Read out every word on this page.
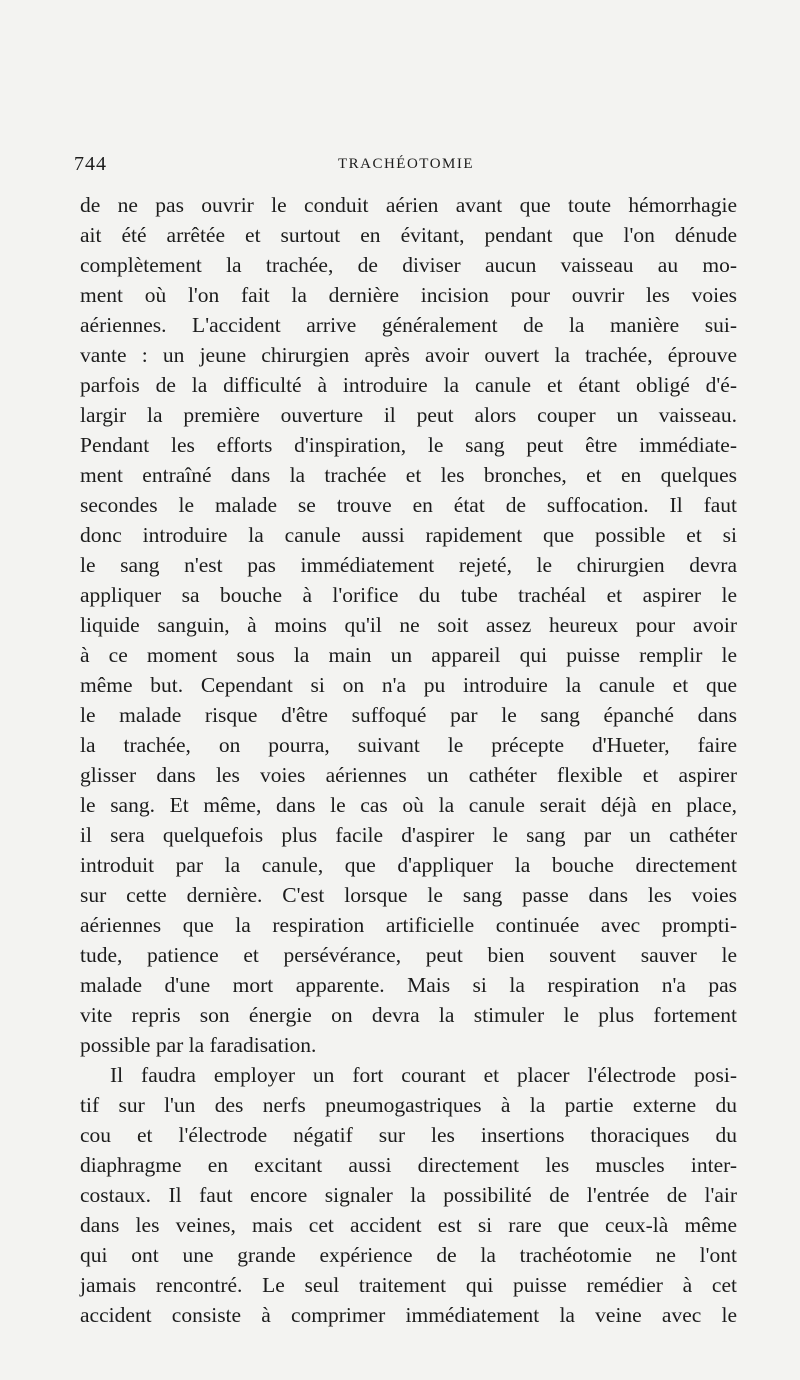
744	TRACHÉOTOMIE
de ne pas ouvrir le conduit aérien avant que toute hémorrhagie
ait été arrêtée et surtout en évitant, pendant que l'on dénude
complètement la trachée, de diviser aucun vaisseau au mo-
ment où l'on fait la dernière incision pour ouvrir les voies
aériennes. L'accident arrive généralement de la manière sui-
vante : un jeune chirurgien après avoir ouvert la trachée, éprouve
parfois de la difficulté à introduire la canule et étant obligé d'é-
largir la première ouverture il peut alors couper un vaisseau.
Pendant les efforts d'inspiration, le sang peut être immédiate-
ment entraîné dans la trachée et les bronches, et en quelques
secondes le malade se trouve en état de suffocation. Il faut
donc introduire la canule aussi rapidement que possible et si
le sang n'est pas immédiatement rejeté, le chirurgien devra
appliquer sa bouche à l'orifice du tube trachéal et aspirer le
liquide sanguin, à moins qu'il ne soit assez heureux pour avoir
à ce moment sous la main un appareil qui puisse remplir le
même but. Cependant si on n'a pu introduire la canule et que
le malade risque d'être suffoqué par le sang épanché dans
la trachée, on pourra, suivant le précepte d'Hueter, faire
glisser dans les voies aériennes un cathéter flexible et aspirer
le sang. Et même, dans le cas où la canule serait déjà en place,
il sera quelquefois plus facile d'aspirer le sang par un cathéter
introduit par la canule, que d'appliquer la bouche directement
sur cette dernière. C'est lorsque le sang passe dans les voies
aériennes que la respiration artificielle continuée avec prompti-
tude, patience et persévérance, peut bien souvent sauver le
malade d'une mort apparente. Mais si la respiration n'a pas
vite repris son énergie on devra la stimuler le plus fortement
possible par la faradisation.
Il faudra employer un fort courant et placer l'électrode posi-
tif sur l'un des nerfs pneumogastriques à la partie externe du
cou et l'électrode négatif sur les insertions thoraciques du
diaphragme en excitant aussi directement les muscles inter-
costaux. Il faut encore signaler la possibilité de l'entrée de l'air
dans les veines, mais cet accident est si rare que ceux-là même
qui ont une grande expérience de la trachéotomie ne l'ont
jamais rencontré. Le seul traitement qui puisse remédier à cet
accident consiste à comprimer immédiatement la veine avec le
